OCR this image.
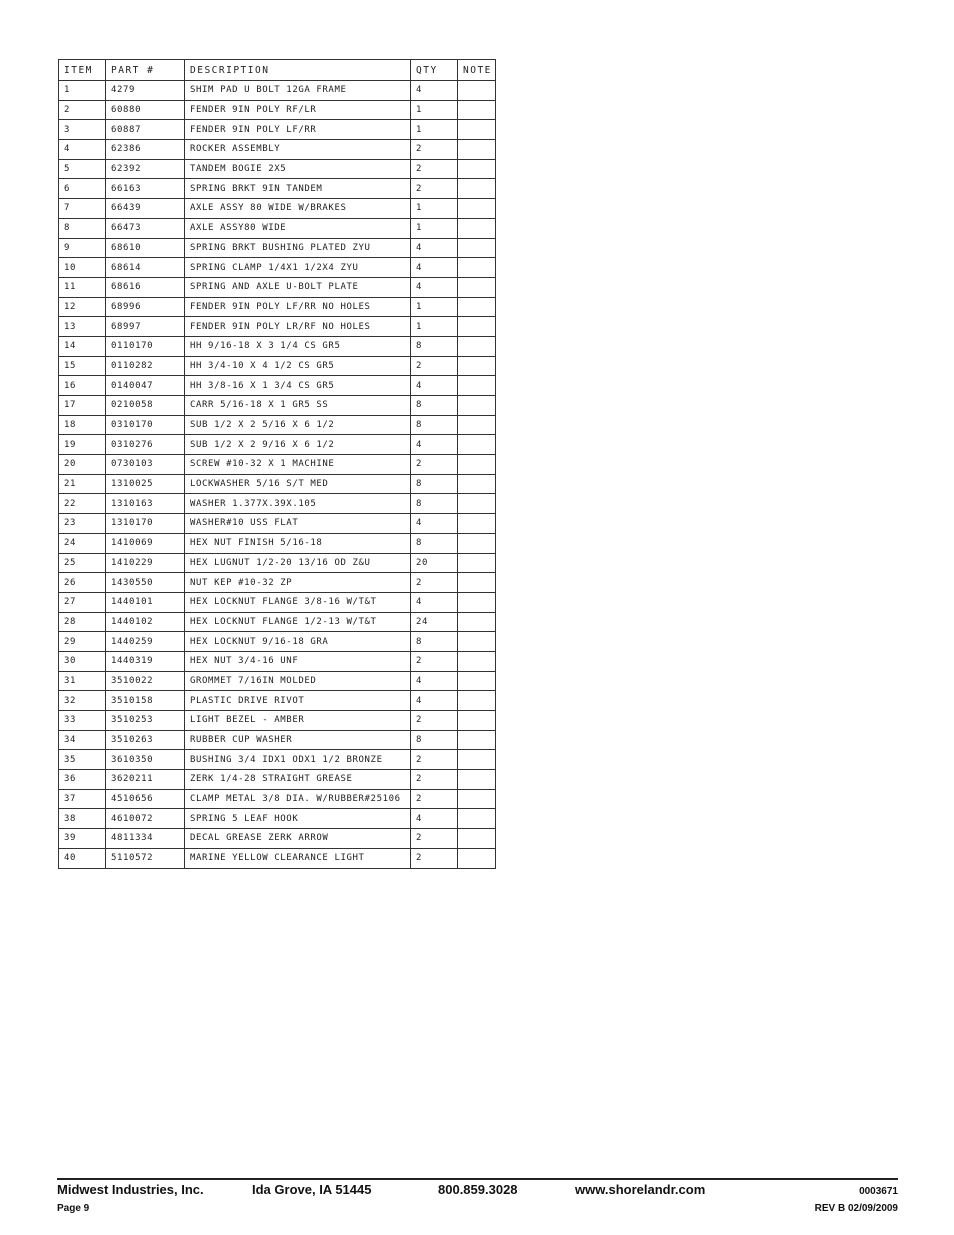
ITEM	PART #	DESCRIPTION	QTY	NOTE
1	4279	SHIM PAD U BOLT 12GA FRAME	4	
2	60880	FENDER 9IN POLY RF/LR	1	
3	60887	FENDER 9IN POLY LF/RR	1	
4	62386	ROCKER ASSEMBLY	2	
5	62392	TANDEM BOGIE 2X5	2	
6	66163	SPRING BRKT 9IN TANDEM	2	
7	66439	AXLE ASSY 80 WIDE W/BRAKES	1	
8	66473	AXLE ASSY80 WIDE	1	
9	68610	SPRING BRKT BUSHING PLATED ZYU	4	
10	68614	SPRING CLAMP 1/4X1 1/2X4 ZYU	4	
11	68616	SPRING AND AXLE U-BOLT PLATE	4	
12	68996	FENDER 9IN POLY LF/RR NO HOLES	1	
13	68997	FENDER 9IN POLY LR/RF NO HOLES	1	
14	0110170	HH 9/16-18 X 3 1/4 CS GR5	8	
15	0110282	HH 3/4-10 X 4 1/2 CS GR5	2	
16	0140047	HH 3/8-16 X 1 3/4 CS GR5	4	
17	0210058	CARR 5/16-18 X 1 GR5 SS	8	
18	0310170	SUB 1/2 X 2 5/16 X 6 1/2	8	
19	0310276	SUB 1/2 X 2 9/16 X 6 1/2	4	
20	0730103	SCREW #10-32 X 1 MACHINE	2	
21	1310025	LOCKWASHER 5/16 S/T MED	8	
22	1310163	WASHER 1.377X.39X.105	8	
23	1310170	WASHER#10 USS FLAT	4	
24	1410069	HEX NUT FINISH 5/16-18	8	
25	1410229	HEX LUGNUT 1/2-20 13/16 OD Z&U	20	
26	1430550	NUT KEP #10-32 ZP	2	
27	1440101	HEX LOCKNUT FLANGE 3/8-16 W/T&T	4	
28	1440102	HEX LOCKNUT FLANGE 1/2-13 W/T&T	24	
29	1440259	HEX LOCKNUT 9/16-18 GRA	8	
30	1440319	HEX NUT 3/4-16 UNF	2	
31	3510022	GROMMET 7/16IN MOLDED	4	
32	3510158	PLASTIC DRIVE RIVOT	4	
33	3510253	LIGHT BEZEL - AMBER	2	
34	3510263	RUBBER CUP WASHER	8	
35	3610350	BUSHING 3/4 IDX1 ODX1 1/2 BRONZE	2	
36	3620211	ZERK 1/4-28 STRAIGHT GREASE	2	
37	4510656	CLAMP METAL 3/8 DIA. W/RUBBER#25106	2	
38	4610072	SPRING 5 LEAF HOOK	4	
39	4811334	DECAL GREASE ZERK ARROW	2	
40	5110572	MARINE YELLOW CLEARANCE LIGHT	2	
Midwest Industries, Inc.	Ida Grove, IA 51445	800.859.3028	www.shorelandr.com	0003671
Page 9	REV B 02/09/2009
